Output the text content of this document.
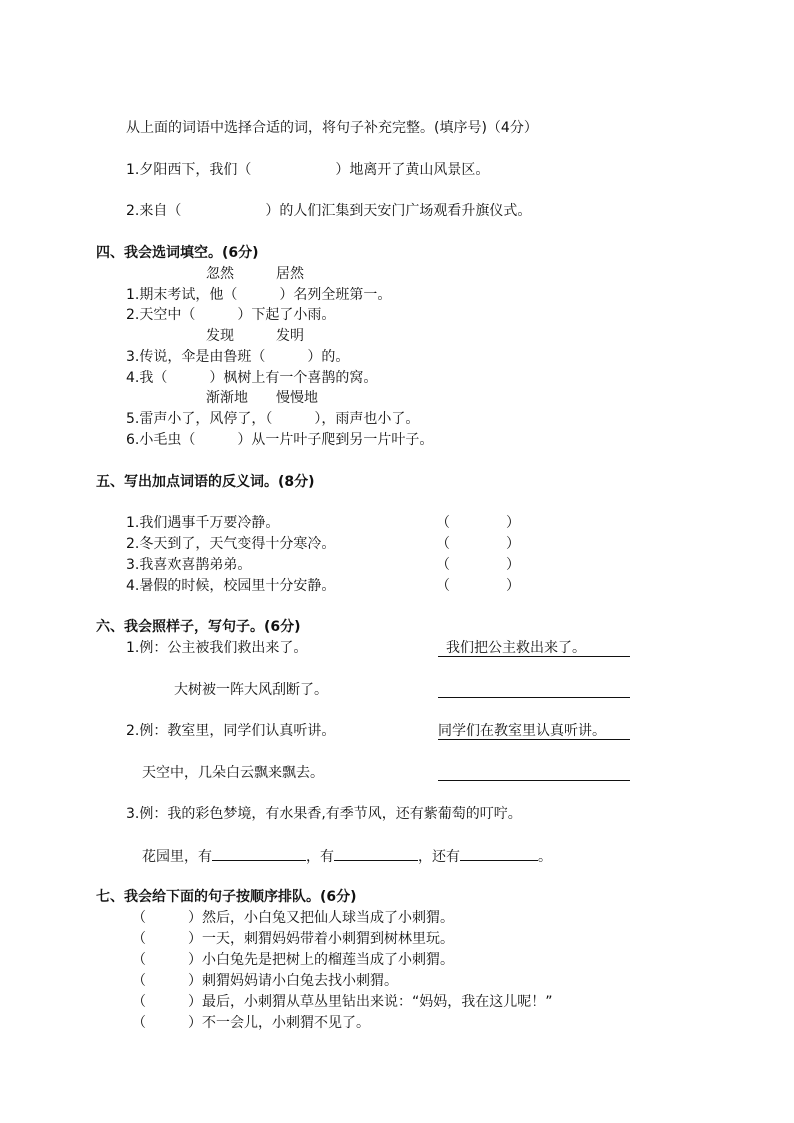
从上面的词语中选择合适的词，将句子补充完整。(填序号)（4分）
1.夕阳西下，我们（　　　　　　）地离开了黄山风景区。
2.来自（　　　　　　）的人们汇集到天安门广场观看升旗仪式。
四、我会选词填空。(6分)
忽然　　　居然
1.期末考试，他（　　　）名列全班第一。
2.天空中（　　　）下起了小雨。
发现　　　发明
3.传说，伞是由鲁班（　　　）的。
4.我（　　　）枫树上有一个喜鹊的窝。
渐渐地　　慢慢地
5.雷声小了，风停了，（　　　），雨声也小了。
6.小毛虫（　　　）从一片叶子爬到另一片叶子。
五、写出加点词语的反义词。(8分)
1.我们遇事千万要冷静。	（　　　　）
2.冬天到了，天气变得十分寒冷。	（　　　　）
3.我喜欢喜鹊弟弟。	（　　　　）
4.暑假的时候，校园里十分安静。	（　　　　）
六、我会照样子，写句子。(6分)
1.例：公主被我们救出来了。	我们把公主救出来了。
大树被一阵大风刮断了。
2.例：教室里，同学们认真听讲。	同学们在教室里认真听讲。
天空中，几朵白云飘来飘去。
3.例：我的彩色梦境，有水果香,有季节风，还有紫葡萄的叮咛。
花园里，有	，有	，还有	。
七、我会给下面的句子按顺序排队。(6分)
（　　　）然后，小白兔又把仙人球当成了小刺猬。
（　　　）一天，刺猬妈妈带着小刺猬到树林里玩。
（　　　）小白兔先是把树上的榴莲当成了小刺猬。
（　　　）刺猬妈妈请小白兔去找小刺猬。
（　　　）最后，小刺猬从草丛里钻出来说：“妈妈，我在这儿呢！”
（　　　）不一会儿，小刺猬不见了。
